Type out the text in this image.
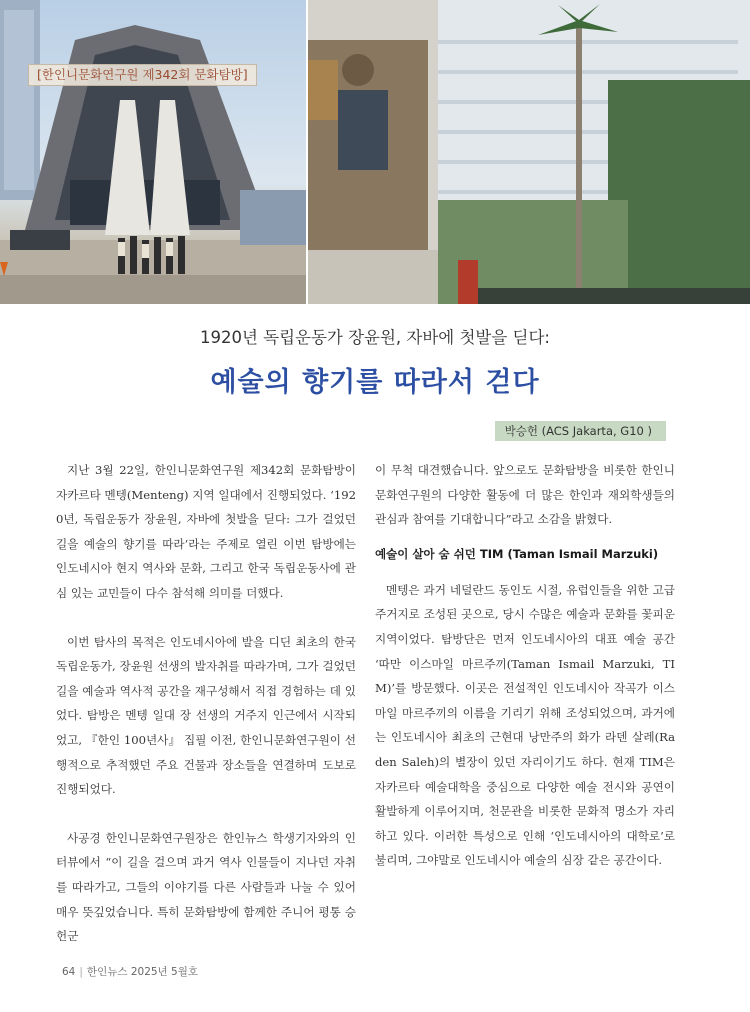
[한인니문화연구원 제342회 문화탐방]
1920년 독립운동가 장윤원, 자바에 첫발을 딛다:
예술의 향기를 따라서 걷다
박승헌 (ACS Jakarta, G10 )

지난 3월 22일, 한인니문화연구원 제342회 문화탐방이 자카르타 멘텡(Menteng) 지역 일대에서 진행되었다. ‘1920년, 독립운동가 장윤원, 자바에 첫발을 딛다: 그가 걸었던 길을 예술의 향기를 따라’라는 주제로 열린 이번 탐방에는 인도네시아 현지 역사와 문화, 그리고 한국 독립운동사에 관심 있는 교민들이 다수 참석해 의미를 더했다.

이번 탐사의 목적은 인도네시아에 발을 디딘 최초의 한국 독립운동가, 장윤원 선생의 발자취를 따라가며, 그가 걸었던 길을 예술과 역사적 공간을 재구성해서 직접 경험하는 데 있었다. 탐방은 멘텡 일대 장 선생의 거주지 인근에서 시작되었고, 『한인 100년사』 집필 이전, 한인니문화연구원이 선행적으로 추적했던 주요 건물과 장소들을 연결하며 도보로 진행되었다.

사공경 한인니문화연구원장은 한인뉴스 학생기자와의 인터뷰에서 “이 길을 걸으며 과거 역사 인물들이 지나던 자취를 따라가고, 그들의 이야기를 다른 사람들과 나눌 수 있어 매우 뜻깊었습니다. 특히 문화탐방에 함께한 주니어 평통 승헌군

이 무척 대견했습니다. 앞으로도 문화탐방을 비롯한 한인니문화연구원의 다양한 활동에 더 많은 한인과 재외학생들의 관심과 참여를 기대합니다”라고 소감을 밝혔다.

예술이 살아 숨 쉬던 TIM (Taman Ismail Marzuki)

멘텡은 과거 네덜란드 동인도 시절, 유럽인들을 위한 고급 주거지로 조성된 곳으로, 당시 수많은 예술과 문화를 꽃피운 지역이었다. 탐방단은 먼저 인도네시아의 대표 예술 공간 ‘따만 이스마일 마르주끼(Taman Ismail Marzuki, TIM)’를 방문했다. 이곳은 전설적인 인도네시아 작곡가 이스마일 마르주끼의 이름을 기리기 위해 조성되었으며, 과거에는 인도네시아 최초의 근현대 낭만주의 화가 라덴 살레(Raden Saleh)의 별장이 있던 자리이기도 하다. 현재 TIM은 자카르타 예술대학을 중심으로 다양한 예술 전시와 공연이 활발하게 이루어지며, 천문관을 비롯한 문화적 명소가 자리하고 있다. 이러한 특성으로 인해 ‘인도네시아의 대학로’로 불리며, 그야말로 인도네시아 예술의 심장 같은 공간이다.

64 | 한인뉴스 2025년 5월호
